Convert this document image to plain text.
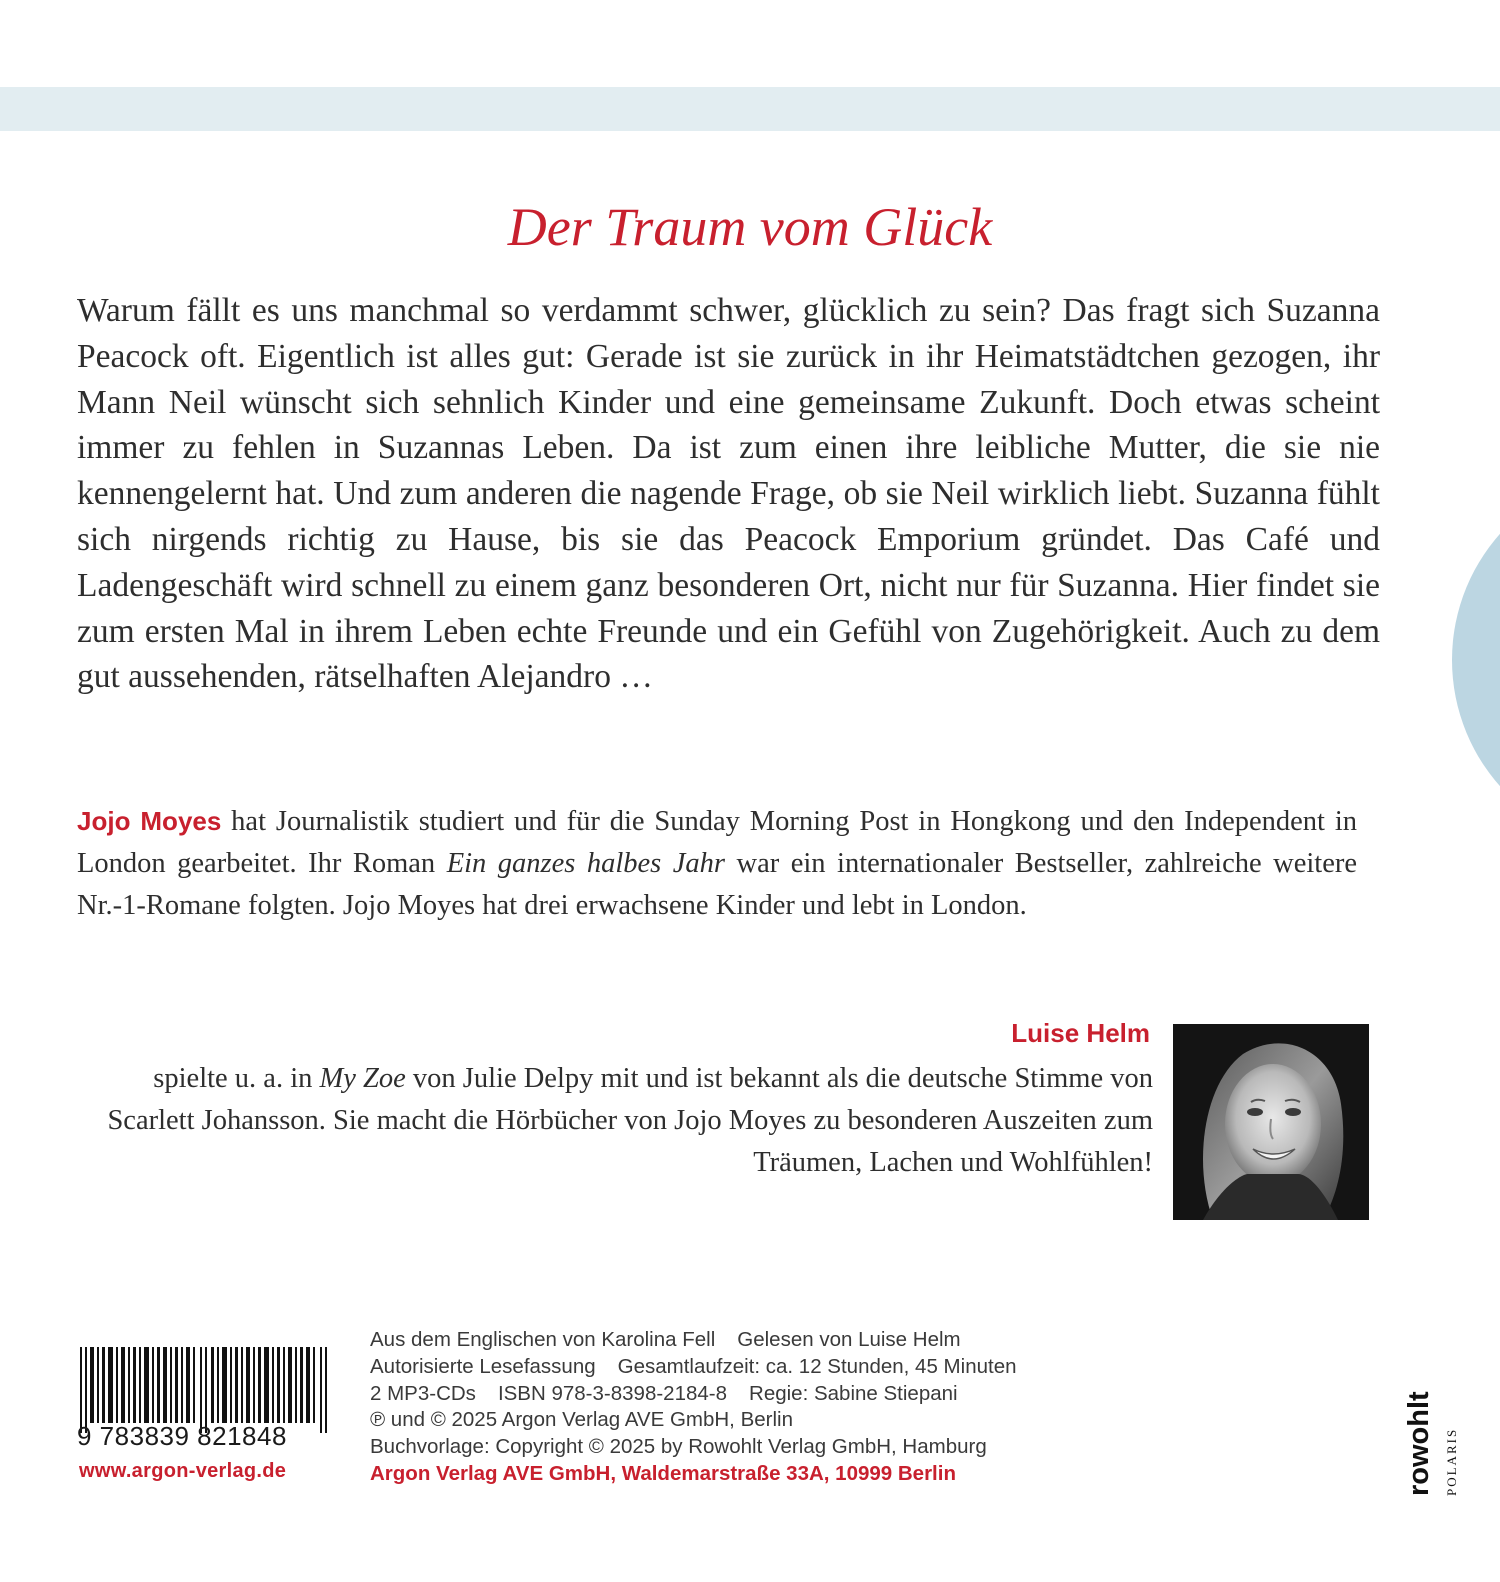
Der Traum vom Glück

Warum fällt es uns manchmal so verdammt schwer, glücklich zu sein? Das fragt sich Suzanna Peacock oft. Eigentlich ist alles gut: Gerade ist sie zurück in ihr Heimatstädtchen gezogen, ihr Mann Neil wünscht sich sehnlich Kinder und eine gemeinsame Zukunft. Doch etwas scheint immer zu fehlen in Suzannas Leben. Da ist zum einen ihre leibliche Mutter, die sie nie kennengelernt hat. Und zum anderen die nagende Frage, ob sie Neil wirklich liebt. Suzanna fühlt sich nirgends richtig zu Hause, bis sie das Peacock Emporium gründet. Das Café und Ladengeschäft wird schnell zu einem ganz besonderen Ort, nicht nur für Suzanna. Hier findet sie zum ersten Mal in ihrem Leben echte Freunde und ein Gefühl von Zugehörigkeit. Auch zu dem gut aussehenden, rätselhaften Alejandro …

Jojo Moyes hat Journalistik studiert und für die Sunday Morning Post in Hongkong und den Independent in London gearbeitet. Ihr Roman Ein ganzes halbes Jahr war ein internationaler Bestseller, zahlreiche weitere Nr.-1-Romane folgten. Jojo Moyes hat drei erwachsene Kinder und lebt in London.

Luise Helm

spielte u. a. in My Zoe von Julie Delpy mit und ist bekannt als die deutsche Stimme von Scarlett Johansson. Sie macht die Hörbücher von Jojo Moyes zu besonderen Auszeiten zum Träumen, Lachen und Wohlfühlen!

9 783839 821848
www.argon-verlag.de
Aus dem Englischen von Karolina Fell Gelesen von Luise Helm
Autorisierte Lesefassung Gesamtlaufzeit: ca. 12 Stunden, 45 Minuten
2 MP3-CDs ISBN 978-3-8398-2184-8 Regie: Sabine Stiepani
℗ und © 2025 Argon Verlag AVE GmbH, Berlin
Buchvorlage: Copyright © 2025 by Rowohlt Verlag GmbH, Hamburg
Argon Verlag AVE GmbH, Waldemarstraße 33A, 10999 Berlin	rowohlt POLARIS
